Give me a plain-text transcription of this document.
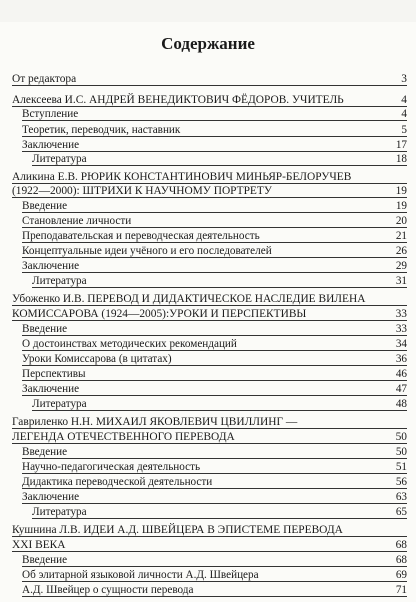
Содержание
От редактора	3
Алексеева И.С. АНДРЕЙ ВЕНЕДИКТОВИЧ ФЁДОРОВ. УЧИТЕЛЬ	4
Вступление	4
Теоретик, переводчик, наставник	5
Заключение	17
Литература	18
Аликина Е.В. РЮРИК КОНСТАНТИНОВИЧ МИНЬЯР-БЕЛОРУЧЕВ
(1922—2000): ШТРИХИ К НАУЧНОМУ ПОРТРЕТУ	19
Введение	19
Становление личности	20
Преподавательская и переводческая деятельность	21
Концептуальные идеи учёного и его последователей	26
Заключение	29
Литература	31
Убоженко И.В. ПЕРЕВОД И ДИДАКТИЧЕСКОЕ НАСЛЕДИЕ ВИЛЕНА
КОМИССАРОВА (1924—2005):УРОКИ И ПЕРСПЕКТИВЫ	33
Введение	33
О достоинствах методических рекомендаций	34
Уроки Комиссарова (в цитатах)	36
Перспективы	46
Заключение	47
Литература	48
Гавриленко Н.Н. МИХАИЛ ЯКОВЛЕВИЧ ЦВИЛЛИНГ —
ЛЕГЕНДА ОТЕЧЕСТВЕННОГО ПЕРЕВОДА	50
Введение	50
Научно-педагогическая деятельность	51
Дидактика переводческой деятельности	56
Заключение	63
Литература	65
Кушнина Л.В. ИДЕИ А.Д. ШВЕЙЦЕРА В ЭПИСТЕМЕ ПЕРЕВОДА
XXI ВЕКА	68
Введение	68
Об элитарной языковой личности А.Д. Швейцера	69
А.Д. Швейцер о сущности перевода	71
